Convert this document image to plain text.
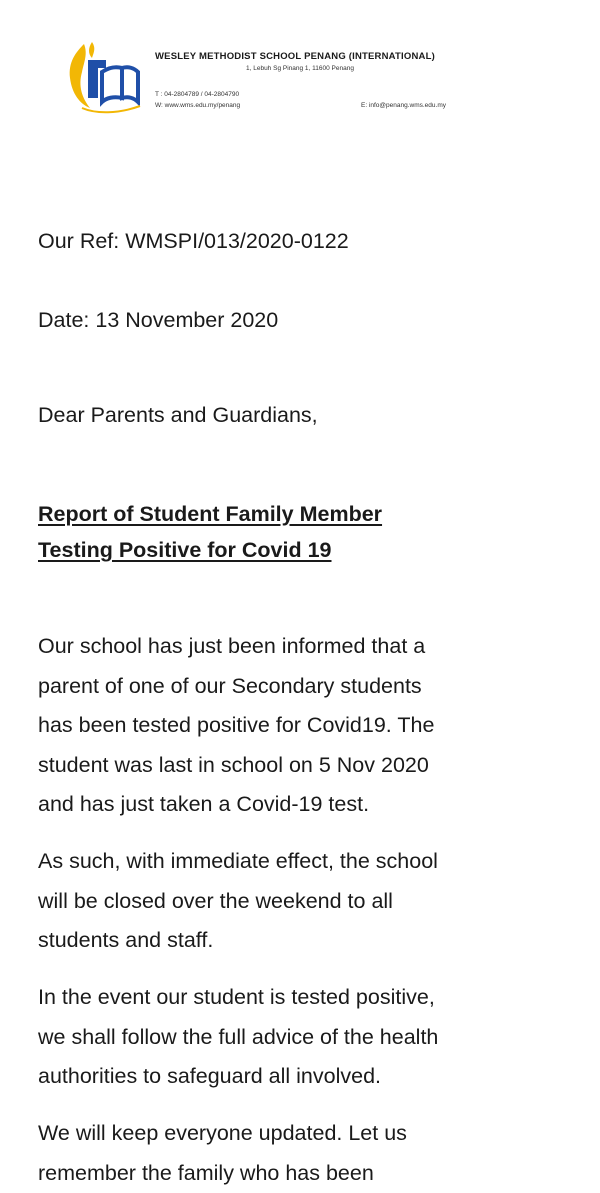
WESLEY METHODIST SCHOOL PENANG (INTERNATIONAL)
1, Lebuh Sg Pinang 1, 11600 Penang
T : 04-2804789 / 04-2804790
W: www.wms.edu.my/penang	E: info@penang.wms.edu.my
Our Ref: WMSPI/013/2020-0122
Date: 13 November 2020
Dear Parents and Guardians,
Report of Student Family Member
Testing Positive for Covid 19
Our school has just been informed that a
parent of one of our Secondary students
has been tested positive for Covid19. The
student was last in school on 5 Nov 2020
and has just taken a Covid-19 test.
As such, with immediate effect, the school
will be closed over the weekend to all
students and staff.
In the event our student is tested positive,
we shall follow the full advice of the health
authorities to safeguard all involved.
We will keep everyone updated. Let us
remember the family who has been
